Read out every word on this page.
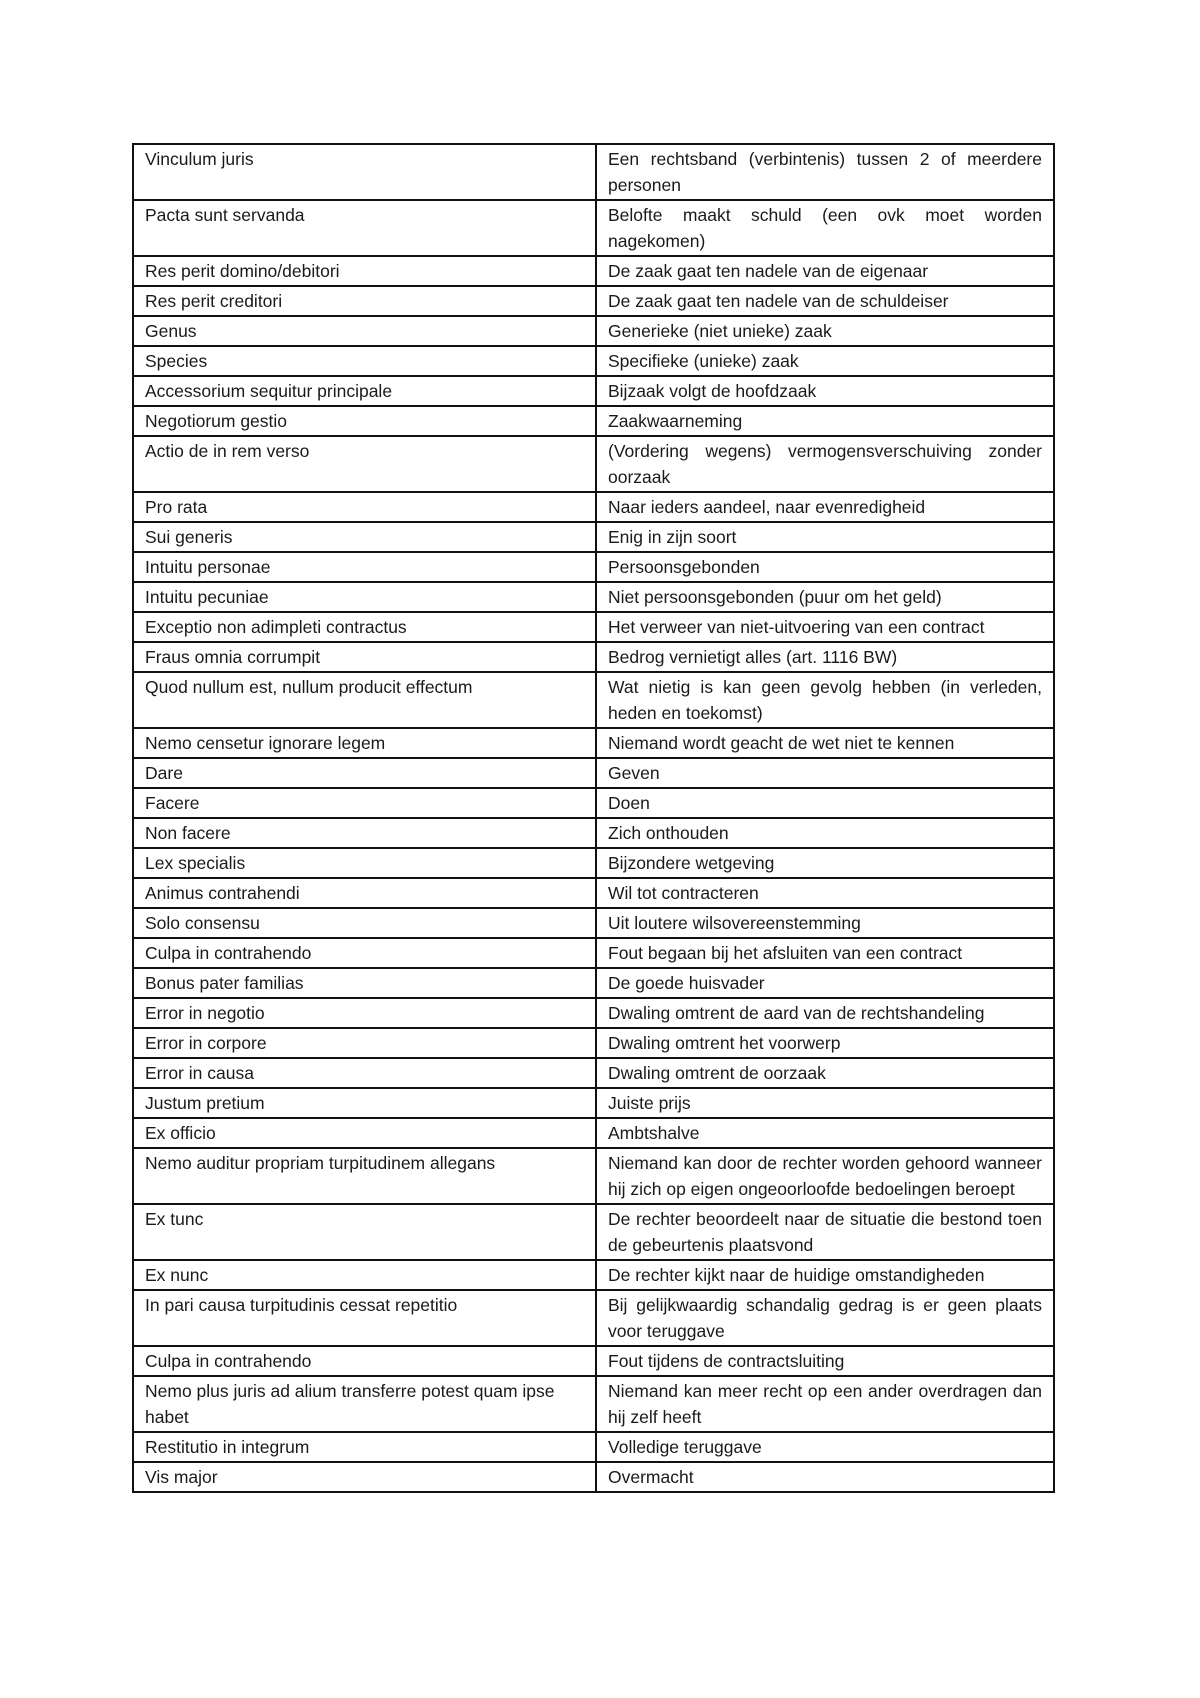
Vinculum juris	Een rechtsband (verbintenis) tussen 2 of meerdere personen
Pacta sunt servanda	Belofte maakt schuld (een ovk moet worden nagekomen)
Res perit domino/debitori	De zaak gaat ten nadele van de eigenaar
Res perit creditori	De zaak gaat ten nadele van de schuldeiser
Genus	Generieke (niet unieke) zaak
Species	Specifieke (unieke) zaak
Accessorium sequitur principale	Bijzaak volgt de hoofdzaak
Negotiorum gestio	Zaakwaarneming
Actio de in rem verso	(Vordering wegens) vermogensverschuiving zonder oorzaak
Pro rata	Naar ieders aandeel, naar evenredigheid
Sui generis	Enig in zijn soort
Intuitu personae	Persoonsgebonden
Intuitu pecuniae	Niet persoonsgebonden (puur om het geld)
Exceptio non adimpleti contractus	Het verweer van niet-uitvoering van een contract
Fraus omnia corrumpit	Bedrog vernietigt alles (art. 1116 BW)
Quod nullum est, nullum producit effectum	Wat nietig is kan geen gevolg hebben (in verleden, heden en toekomst)
Nemo censetur ignorare legem	Niemand wordt geacht de wet niet te kennen
Dare	Geven
Facere	Doen
Non facere	Zich onthouden
Lex specialis	Bijzondere wetgeving
Animus contrahendi	Wil tot contracteren
Solo consensu	Uit loutere wilsovereenstemming
Culpa in contrahendo	Fout begaan bij het afsluiten van een contract
Bonus pater familias	De goede huisvader
Error in negotio	Dwaling omtrent de aard van de rechtshandeling
Error in corpore	Dwaling omtrent het voorwerp
Error in causa	Dwaling omtrent de oorzaak
Justum pretium	Juiste prijs
Ex officio	Ambtshalve
Nemo auditur propriam turpitudinem allegans	Niemand kan door de rechter worden gehoord wanneer hij zich op eigen ongeoorloofde bedoelingen beroept
Ex tunc	De rechter beoordeelt naar de situatie die bestond toen de gebeurtenis plaatsvond
Ex nunc	De rechter kijkt naar de huidige omstandigheden
In pari causa turpitudinis cessat repetitio	Bij gelijkwaardig schandalig gedrag is er geen plaats voor teruggave
Culpa in contrahendo	Fout tijdens de contractsluiting
Nemo plus juris ad alium transferre potest quam ipse habet	Niemand kan meer recht op een ander overdragen dan hij zelf heeft
Restitutio in integrum	Volledige teruggave
Vis major	Overmacht
